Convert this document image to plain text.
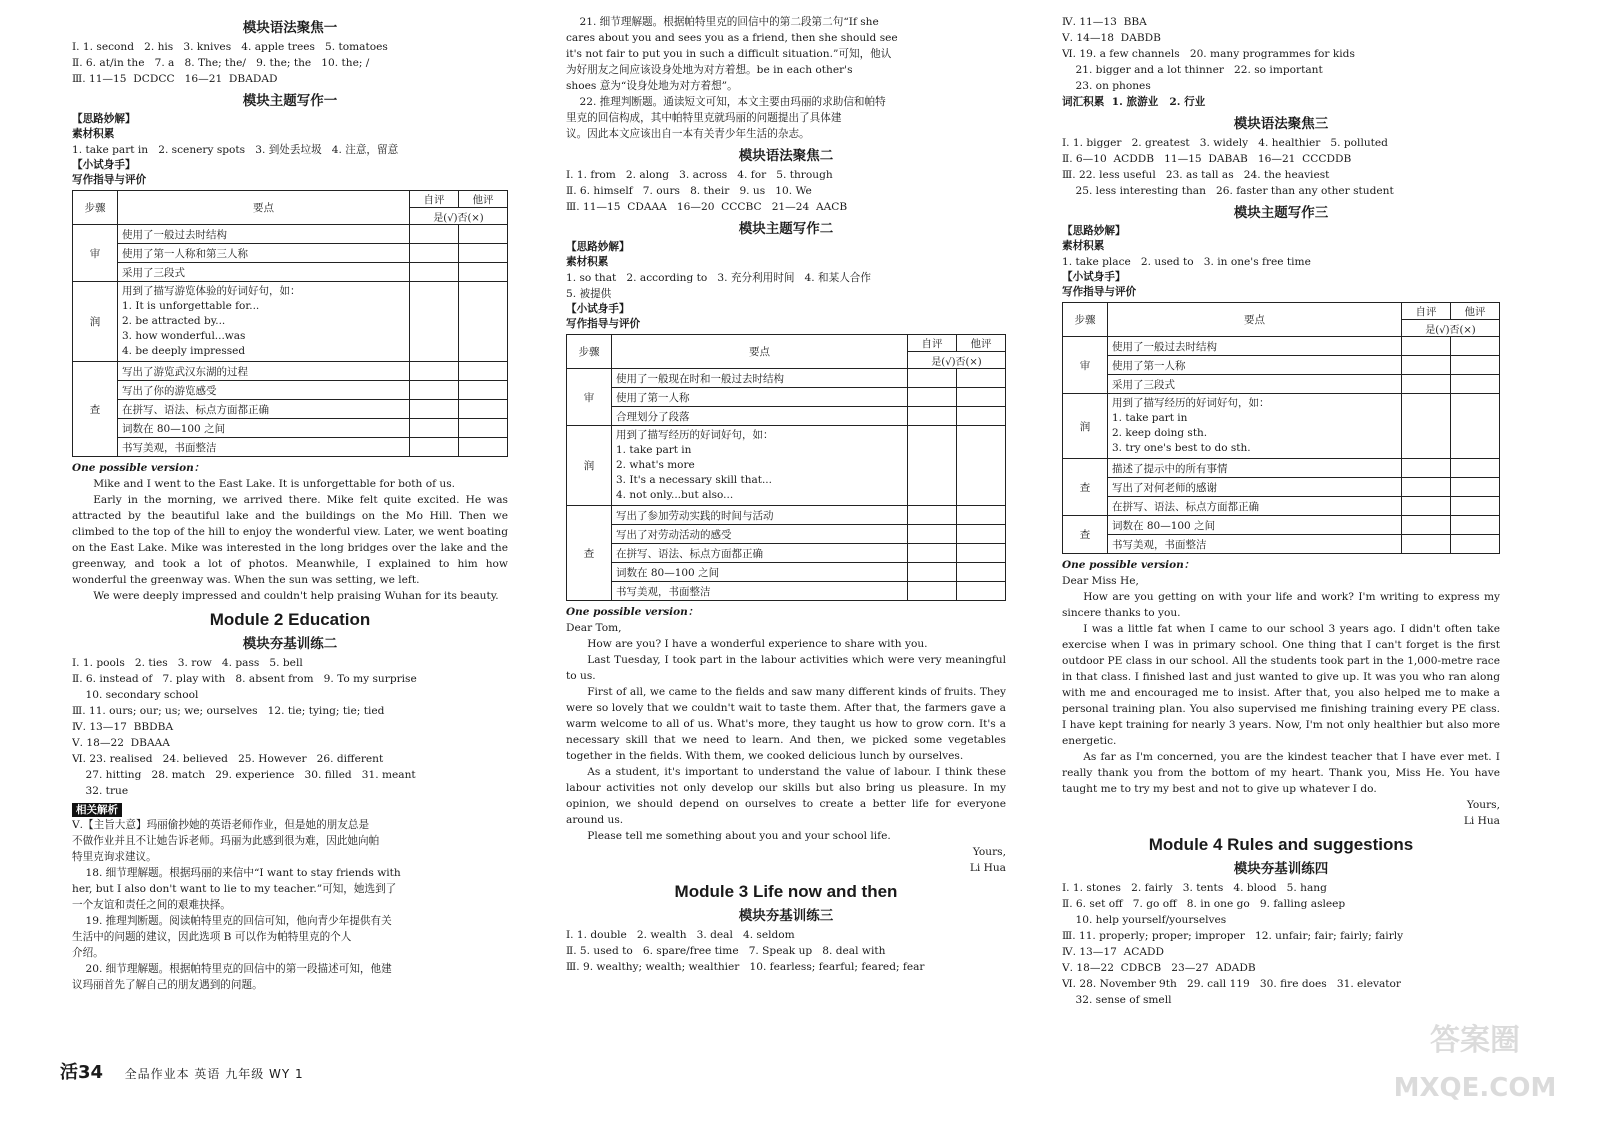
模块语法聚焦一
Ⅰ. 1. second   2. his   3. knives   4. apple trees   5. tomatoes
Ⅱ. 6. at/in the   7. a   8. The; the/   9. the; the   10. the; /
Ⅲ. 11—15  DCDCC   16—21  DBADAD
模块主题写作一
【思路妙解】
素材积累
1. take part in   2. scenery spots   3. 到处丢垃圾   4. 注意，留意
【小试身手】
写作指导与评价
步骤	要点	自评	他评
		是(√)否(×)	
审	使用了一般过去时结构		
	使用了第一人称和第三人称		
	采用了三段式		
润	用到了描写游览体验的好词好句，如：
1. It is unforgettable for...
2. be attracted by...
3. how wonderful...was
4. be deeply impressed		
查	写出了游览武汉东湖的过程		
	写出了你的游览感受		
	在拼写、语法、标点方面都正确		
	词数在 80—100 之间		
	书写美观，书面整洁		
One possible version：
Mike and I went to the East Lake. It is unforgettable for both of us.
Early in the morning, we arrived there. Mike felt quite excited. He was attracted by the beautiful lake and the buildings on the Mo Hill. Then we climbed to the top of the hill to enjoy the wonderful view. Later, we went boating on the East Lake. Mike was interested in the long bridges over the lake and the greenway, and took a lot of photos. Meanwhile, I explained to him how wonderful the greenway was. When the sun was setting, we left.
We were deeply impressed and couldn't help praising Wuhan for its beauty.
Module 2 Education
模块夯基训练二
Ⅰ. 1. pools   2. ties   3. row   4. pass   5. bell
Ⅱ. 6. instead of   7. play with   8. absent from   9. To my surprise
10. secondary school
Ⅲ. 11. ours; our; us; we; ourselves   12. tie; tying; tie; tied
Ⅳ. 13—17  BBDBA
Ⅴ. 18—22  DBAAA
Ⅵ. 23. realised   24. believed   25. However   26. different
27. hitting   28. match   29. experience   30. filled   31. meant
32. true
相关解析
Ⅴ.【主旨大意】玛丽偷抄她的英语老师作业，但是她的朋友总是
不做作业并且不让她告诉老师。玛丽为此感到很为难，因此她向帕
特里克询求建议。
18. 细节理解题。根据玛丽的来信中“I want to stay friends with
her, but I also don't want to lie to my teacher.”可知，她选到了
一个友谊和责任之间的艰难抉择。
19. 推理判断题。阅读帕特里克的回信可知，他向青少年提供有关
生活中的问题的建议，因此选项 B 可以作为帕特里克的个人
介绍。
20. 细节理解题。根据帕特里克的回信中的第一段描述可知，他建
议玛丽首先了解自己的朋友遇到的问题。
21. 细节理解题。根据帕特里克的回信中的第二段第二句“If she
cares about you and sees you as a friend, then she should see
it's not fair to put you in such a difficult situation.”可知，他认
为好朋友之间应该设身处地为对方着想。be in each other's
shoes 意为“设身处地为对方着想”。
22. 推理判断题。通读短文可知，本文主要由玛丽的求助信和帕特
里克的回信构成，其中帕特里克就玛丽的问题提出了具体建
议。因此本文应该出自一本有关青少年生活的杂志。
模块语法聚焦二
Ⅰ. 1. from   2. along   3. across   4. for   5. through
Ⅱ. 6. himself   7. ours   8. their   9. us   10. We
Ⅲ. 11—15  CDAAA   16—20  CCCBC   21—24  AACB
模块主题写作二
【思路妙解】
素材积累
1. so that   2. according to   3. 充分利用时间   4. 和某人合作
5. 被提供
【小试身手】
写作指导与评价
步骤	要点	自评	他评
		是(√)否(×)	
审	使用了一般现在时和一般过去时结构		
	使用了第一人称		
	合理划分了段落		
润	用到了描写经历的好词好句，如：
1. take part in
2. what's more
3. It's a necessary skill that...
4. not only...but also...		
查	写出了参加劳动实践的时间与活动		
	写出了对劳动活动的感受		
	在拼写、语法、标点方面都正确		
	词数在 80—100 之间		
	书写美观，书面整洁		
One possible version：
Dear Tom,
How are you? I have a wonderful experience to share with you.
Last Tuesday, I took part in the labour activities which were very meaningful to us.
First of all, we came to the fields and saw many different kinds of fruits. They were so lovely that we couldn't wait to taste them. After that, the farmers gave a warm welcome to all of us. What's more, they taught us how to grow corn. It's a necessary skill that we need to learn. And then, we picked some vegetables together in the fields. With them, we cooked delicious lunch by ourselves.
As a student, it's important to understand the value of labour. I think these labour activities not only develop our skills but also bring us pleasure. In my opinion, we should depend on ourselves to create a better life for everyone around us.
Please tell me something about you and your school life.
Yours,
Li Hua
Module 3 Life now and then
模块夯基训练三
Ⅰ. 1. double   2. wealth   3. deal   4. seldom
Ⅱ. 5. used to   6. spare/free time   7. Speak up   8. deal with
Ⅲ. 9. wealthy; wealth; wealthier   10. fearless; fearful; feared; fear
Ⅳ. 11—13  BBA
Ⅴ. 14—18  DABDB
Ⅵ. 19. a few channels   20. many programmes for kids
21. bigger and a lot thinner   22. so important
23. on phones
词汇积累  1. 旅游业   2. 行业
模块语法聚焦三
Ⅰ. 1. bigger   2. greatest   3. widely   4. healthier   5. polluted
Ⅱ. 6—10  ACDDB   11—15  DABAB   16—21  CCCDDB
Ⅲ. 22. less useful   23. as tall as   24. the heaviest
25. less interesting than   26. faster than any other student
模块主题写作三
【思路妙解】
素材积累
1. take place   2. used to   3. in one's free time
【小试身手】
写作指导与评价
步骤	要点	自评	他评
		是(√)否(×)	
审	使用了一般过去时结构		
	使用了第一人称		
	采用了三段式		
润	用到了描写经历的好词好句，如：
1. take part in
2. keep doing sth.
3. try one's best to do sth.		
查	描述了提示中的所有事情		
	写出了对何老师的感谢		
	在拼写、语法、标点方面都正确		
查	词数在 80—100 之间		
	书写美观，书面整洁		
One possible version：
Dear Miss He,
How are you getting on with your life and work? I'm writing to express my sincere thanks to you.
I was a little fat when I came to our school 3 years ago. I didn't often take exercise when I was in primary school. One thing that I can't forget is the first outdoor PE class in our school. All the students took part in the 1,000-metre race in that class. I finished last and just wanted to give up. It was you who ran along with me and encouraged me to insist. After that, you also helped me to make a personal training plan. You also supervised me finishing training every PE class. I have kept training for nearly 3 years. Now, I'm not only healthier but also more energetic.
As far as I'm concerned, you are the kindest teacher that I have ever met. I really thank you from the bottom of my heart. Thank you, Miss He. You have taught me to try my best and not to give up whatever I do.
Yours,
Li Hua
Module 4 Rules and suggestions
模块夯基训练四
Ⅰ. 1. stones   2. fairly   3. tents   4. blood   5. hang
Ⅱ. 6. set off   7. go off   8. in one go   9. falling asleep
10. help yourself/yourselves
Ⅲ. 11. properly; proper; improper   12. unfair; fair; fairly; fairly
Ⅳ. 13—17  ACADD
Ⅴ. 18—22  CDBCB   23—27  ADADB
Ⅵ. 28. November 9th   29. call 119   30. fire does   31. elevator
32. sense of smell
活34 全品作业本 英语 九年级 WY 1
答案圈
MXQE.COM
